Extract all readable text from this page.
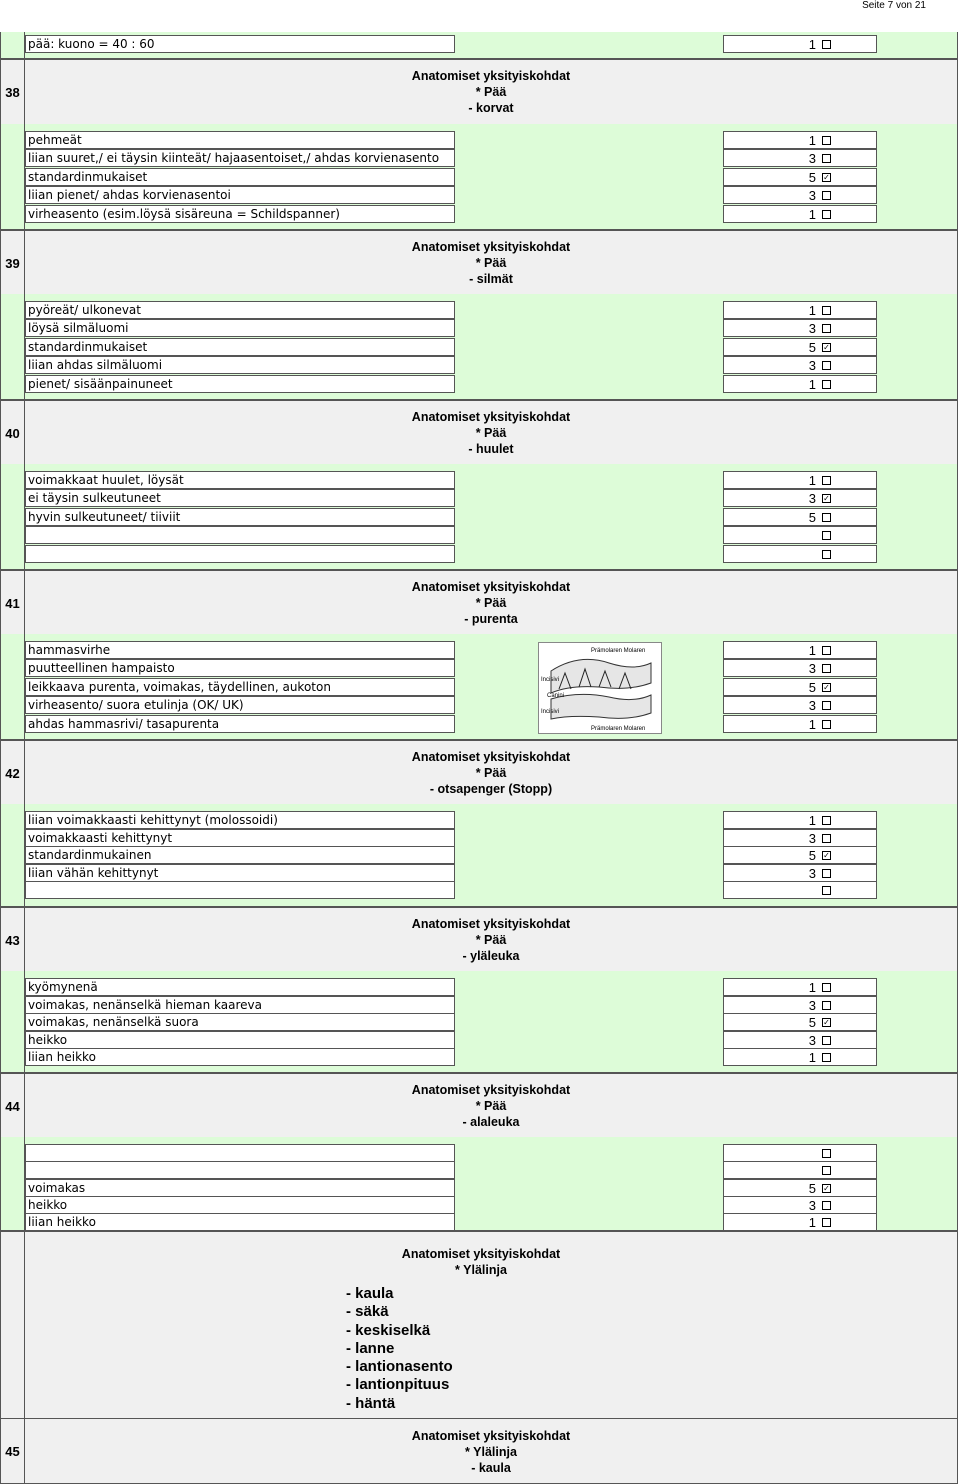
Seite 7 von 21
pää: kuono = 40 : 60	1
38
Anatomiset yksityiskohdat
* Pää
- korvat
pehmeät	1
liian suuret,/ ei täysin kiinteät/ hajaasentoiset,/ ahdas korvienasento	3
standardinmukaiset	5 ✓
liian pienet/ ahdas korvienasentoi	3
virheasento (esim.löysä sisäreuna = Schildspanner)	1
39
Anatomiset yksityiskohdat
* Pää
- silmät
pyöreät/ ulkonevat	1
löysä silmäluomi	3
standardinmukaiset	5 ✓
liian ahdas silmäluomi	3
pienet/ sisäänpainuneet	1
40
Anatomiset yksityiskohdat
* Pää
- huulet
voimakkaat huulet, löysät	1
ei täysin sulkeutuneet	3 ✓
hyvin sulkeutuneet/ tiiviit	5
41
Anatomiset yksityiskohdat
* Pää
- purenta
hammasvirhe	1
puutteellinen hampaisto	3
leikkaava purenta, voimakas, täydellinen, aukoton	5 ✓
virheasento/ suora etulinja (OK/ UK)	3
ahdas hammasrivi/ tasapurenta	1
42
Anatomiset yksityiskohdat
* Pää
- otsapenger (Stopp)
liian voimakkaasti kehittynyt (molossoidi)	1
voimakkaasti kehittynyt	3
standardinmukainen	5 ✓
liian vähän kehittynyt	3
43
Anatomiset yksityiskohdat
* Pää
- yläleuka
kyömynenä	1
voimakas, nenänselkä hieman kaareva	3
voimakas, nenänselkä suora	5 ✓
heikko	3
liian heikko	1
44
Anatomiset yksityiskohdat
* Pää
- alaleuka
voimakas	5 ✓
heikko	3
liian heikko	1
Anatomiset yksityiskohdat
* Ylälinja
- kaula
- säkä
- keskiselkä
- lanne
- lantionasento
- lantionpituus
- häntä
45
Anatomiset yksityiskohdat
* Ylälinja
- kaula
Prämolaren Molaren
Incisivi
Canini
Incisivi
Prämolaren Molaren
